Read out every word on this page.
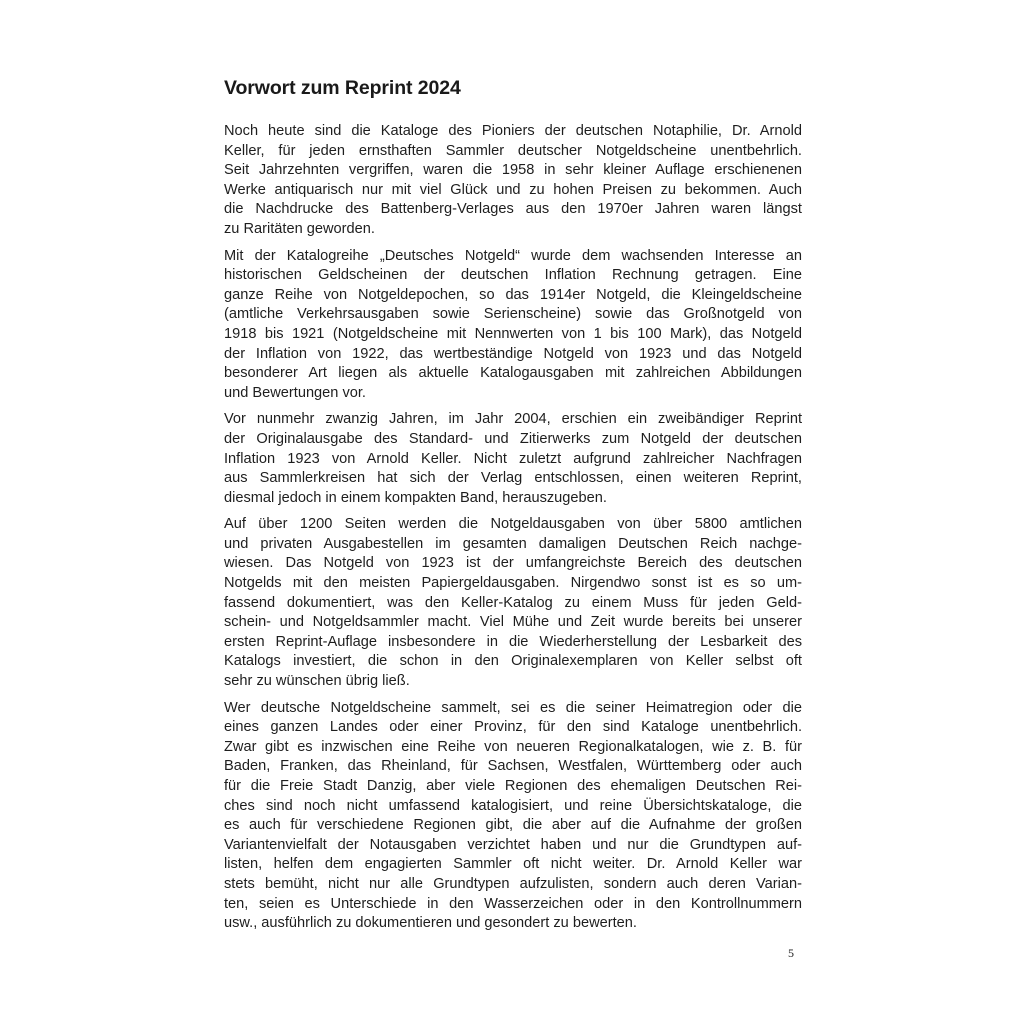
Vorwort zum Reprint 2024

Noch heute sind die Kataloge des Pioniers der deutschen Notaphilie, Dr. Arnold
Keller, für jeden ernsthaften Sammler deutscher Notgeldscheine unentbehrlich.
Seit Jahrzehnten vergriffen, waren die 1958 in sehr kleiner Auflage erschienenen
Werke antiquarisch nur mit viel Glück und zu hohen Preisen zu bekommen. Auch
die Nachdrucke des Battenberg-Verlages aus den 1970er Jahren waren längst
zu Raritäten geworden.

Mit der Katalogreihe „Deutsches Notgeld“ wurde dem wachsenden Interesse an
historischen Geldscheinen der deutschen Inflation Rechnung getragen. Eine
ganze Reihe von Notgeldepochen, so das 1914er Notgeld, die Kleingeldscheine
(amtliche Verkehrsausgaben sowie Serienscheine) sowie das Großnotgeld von
1918 bis 1921 (Notgeldscheine mit Nennwerten von 1 bis 100 Mark), das Notgeld
der Inflation von 1922, das wertbeständige Notgeld von 1923 und das Notgeld
besonderer Art liegen als aktuelle Katalogausgaben mit zahlreichen Abbildungen
und Bewertungen vor.

Vor nunmehr zwanzig Jahren, im Jahr 2004, erschien ein zweibändiger Reprint
der Originalausgabe des Standard- und Zitierwerks zum Notgeld der deutschen
Inflation 1923 von Arnold Keller. Nicht zuletzt aufgrund zahlreicher Nachfragen
aus Sammlerkreisen hat sich der Verlag entschlossen, einen weiteren Reprint,
diesmal jedoch in einem kompakten Band, herauszugeben.

Auf über 1200 Seiten werden die Notgeldausgaben von über 5800 amtlichen
und privaten Ausgabestellen im gesamten damaligen Deutschen Reich nachge-
wiesen. Das Notgeld von 1923 ist der umfangreichste Bereich des deutschen
Notgelds mit den meisten Papiergeldausgaben. Nirgendwo sonst ist es so um-
fassend dokumentiert, was den Keller-Katalog zu einem Muss für jeden Geld-
schein- und Notgeldsammler macht. Viel Mühe und Zeit wurde bereits bei unserer
ersten Reprint-Auflage insbesondere in die Wiederherstellung der Lesbarkeit des
Katalogs investiert, die schon in den Originalexemplaren von Keller selbst oft
sehr zu wünschen übrig ließ.

Wer deutsche Notgeldscheine sammelt, sei es die seiner Heimatregion oder die
eines ganzen Landes oder einer Provinz, für den sind Kataloge unentbehrlich.
Zwar gibt es inzwischen eine Reihe von neueren Regionalkatalogen, wie z. B. für
Baden, Franken, das Rheinland, für Sachsen, Westfalen, Württemberg oder auch
für die Freie Stadt Danzig, aber viele Regionen des ehemaligen Deutschen Rei-
ches sind noch nicht umfassend katalogisiert, und reine Übersichtskataloge, die
es auch für verschiedene Regionen gibt, die aber auf die Aufnahme der großen
Variantenvielfalt der Notausgaben verzichtet haben und nur die Grundtypen auf-
listen, helfen dem engagierten Sammler oft nicht weiter. Dr. Arnold Keller war
stets bemüht, nicht nur alle Grundtypen aufzulisten, sondern auch deren Varian-
ten, seien es Unterschiede in den Wasserzeichen oder in den Kontrollnummern
usw., ausführlich zu dokumentieren und gesondert zu bewerten.

5
